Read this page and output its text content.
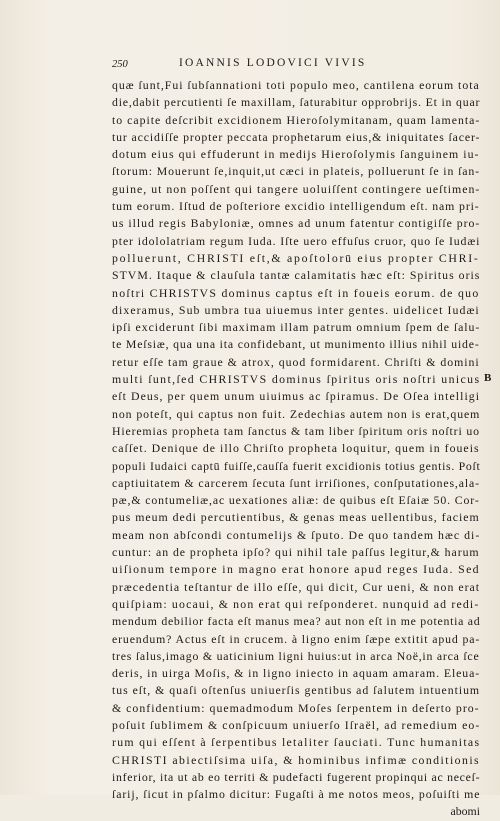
250	IOANNIS LODOVICI VIVIS
quæ ſunt,Fui ſubſannationi toti populo meo, cantilena eorum tota
die,dabit percutienti ſe maxillam, ſaturabitur opprobrijs. Et in quar
to capite deſcribit excidionem Hieroſolymitanam, quam lamenta-
tur accidiſſe propter peccata prophetarum eius,& iniquitates ſacer-
dotum eius qui effuderunt in medijs Hieroſolymis ſanguinem iu-
ſtorum: Mouerunt ſe,inquit,ut cæci in plateis, polluerunt ſe in ſan-
guine, ut non poſſent qui tangere uoluiſſent contingere ueſtimen-
tum eorum. Iſtud de poſteriore excidio intelligendum eſt. nam pri-
us illud regis Babyloniæ, omnes ad unum fatentur contigiſſe pro-
pter idololatriam regum Iuda. Iſte uero effuſus cruor, quo ſe Iudæi
polluerunt, CHRISTI eſt,& apoſtolorū eius propter CHRI-
STVM. Itaque & clauſula tantæ calamitatis hæc eſt: Spiritus oris
noſtri CHRISTVS dominus captus eſt in foueis eorum. de quo
dixeramus, Sub umbra tua uiuemus inter gentes. uidelicet Iudæi
ipſi exciderunt ſibi maximam illam patrum omnium ſpem de ſalu-
te Meſsiæ, qua una ita confidebant, ut munimento illius nihil uide-
retur eſſe tam graue & atrox, quod formidarent. Chriſti & domini
multi ſunt,ſed CHRISTVS dominus ſpiritus oris noſtri unicus
eſt Deus, per quem unum uiuimus ac ſpiramus. De Oſea intelligi
non poteſt, qui captus non fuit. Zedechias autem non is erat,quem
Hieremias propheta tam ſanctus & tam liber ſpiritum oris noſtri uo
caſſet. Denique de illo Chriſto propheta loquitur, quem in foueis
populi Iudaici captū fuiſſe,cauſſa fuerit excidionis totius gentis. Poſt
captiuitatem & carcerem ſecuta ſunt irriſiones, conſputationes,ala-
pæ,& contumeliæ,ac uexationes aliæ: de quibus eſt Eſaiæ 50. Cor-
pus meum dedi percutientibus, & genas meas uellentibus, faciem
meam non abſcondi contumelijs & ſputo. De quo tandem hæc di-
cuntur: an de propheta ipſo? qui nihil tale paſſus legitur,& harum
uiſionum tempore in magno erat honore apud reges Iuda. Sed
præcedentia teſtantur de illo eſſe, qui dicit, Cur ueni, & non erat
quiſpiam: uocaui, & non erat qui reſponderet. nunquid ad redi-
mendum debilior facta eſt manus mea? aut non eſt in me potentia ad
eruendum? Actus eſt in crucem. à ligno enim ſæpe extitit apud pa-
tres ſalus,imago & uaticinium ligni huius:ut in arca Noë,in arca ſce
deris, in uirga Moſis, & in ligno iniecto in aquam amaram. Eleua-
tus eſt, & quaſi oſtenſus uniuerſis gentibus ad ſalutem intuentium
& confidentium: quemadmodum Moſes ſerpentem in deſerto pro-
poſuit ſublimem & conſpicuum uniuerſo Iſraël, ad remedium eo-
rum qui eſſent à ſerpentibus letaliter ſauciati. Tunc humanitas
CHRISTI abiectiſsima uiſa, & hominibus infimæ conditionis
inferior, ita ut ab eo territi & pudefacti fugerent propinqui ac neceſ-
ſarij, ſicut in pſalmo dicitur: Fugaſti à me notos meos, poſuiſti me
abomi
B
